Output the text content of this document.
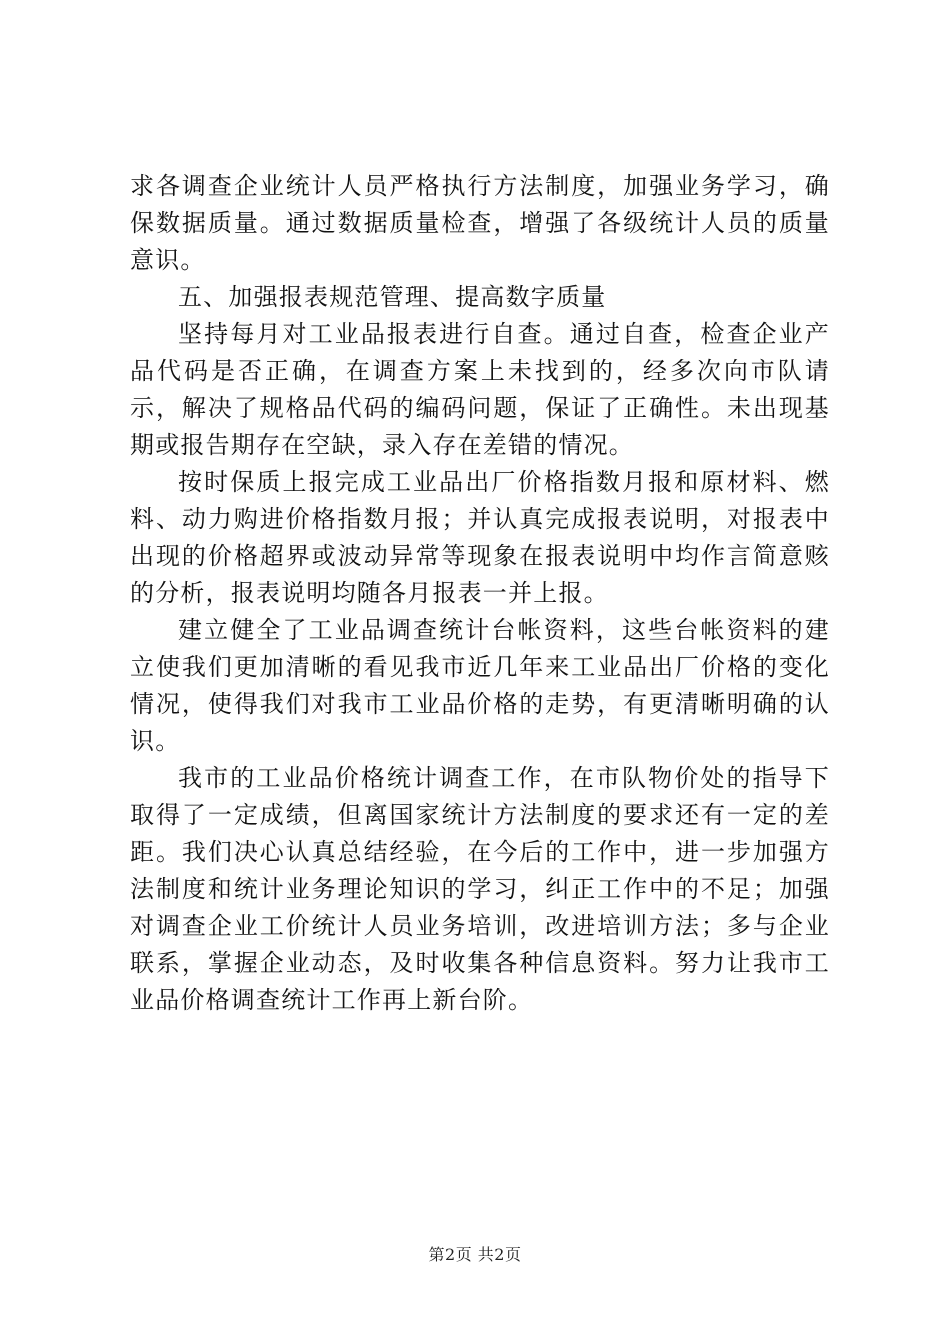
求各调查企业统计人员严格执行方法制度，加强业务学习，确保数据质量。通过数据质量检查，增强了各级统计人员的质量意识。

五、加强报表规范管理、提高数字质量

坚持每月对工业品报表进行自查。通过自查，检查企业产品代码是否正确，在调查方案上未找到的，经多次向市队请示，解决了规格品代码的编码问题，保证了正确性。未出现基期或报告期存在空缺，录入存在差错的情况。

按时保质上报完成工业品出厂价格指数月报和原材料、燃料、动力购进价格指数月报；并认真完成报表说明，对报表中出现的价格超界或波动异常等现象在报表说明中均作言简意赅的分析，报表说明均随各月报表一并上报。

建立健全了工业品调查统计台帐资料，这些台帐资料的建立使我们更加清晰的看见我市近几年来工业品出厂价格的变化情况，使得我们对我市工业品价格的走势，有更清晰明确的认识。

我市的工业品价格统计调查工作，在市队物价处的指导下取得了一定成绩，但离国家统计方法制度的要求还有一定的差距。我们决心认真总结经验，在今后的工作中，进一步加强方法制度和统计业务理论知识的学习，纠正工作中的不足；加强对调查企业工价统计人员业务培训，改进培训方法；多与企业联系，掌握企业动态，及时收集各种信息资料。努力让我市工业品价格调查统计工作再上新台阶。

第2页 共2页
